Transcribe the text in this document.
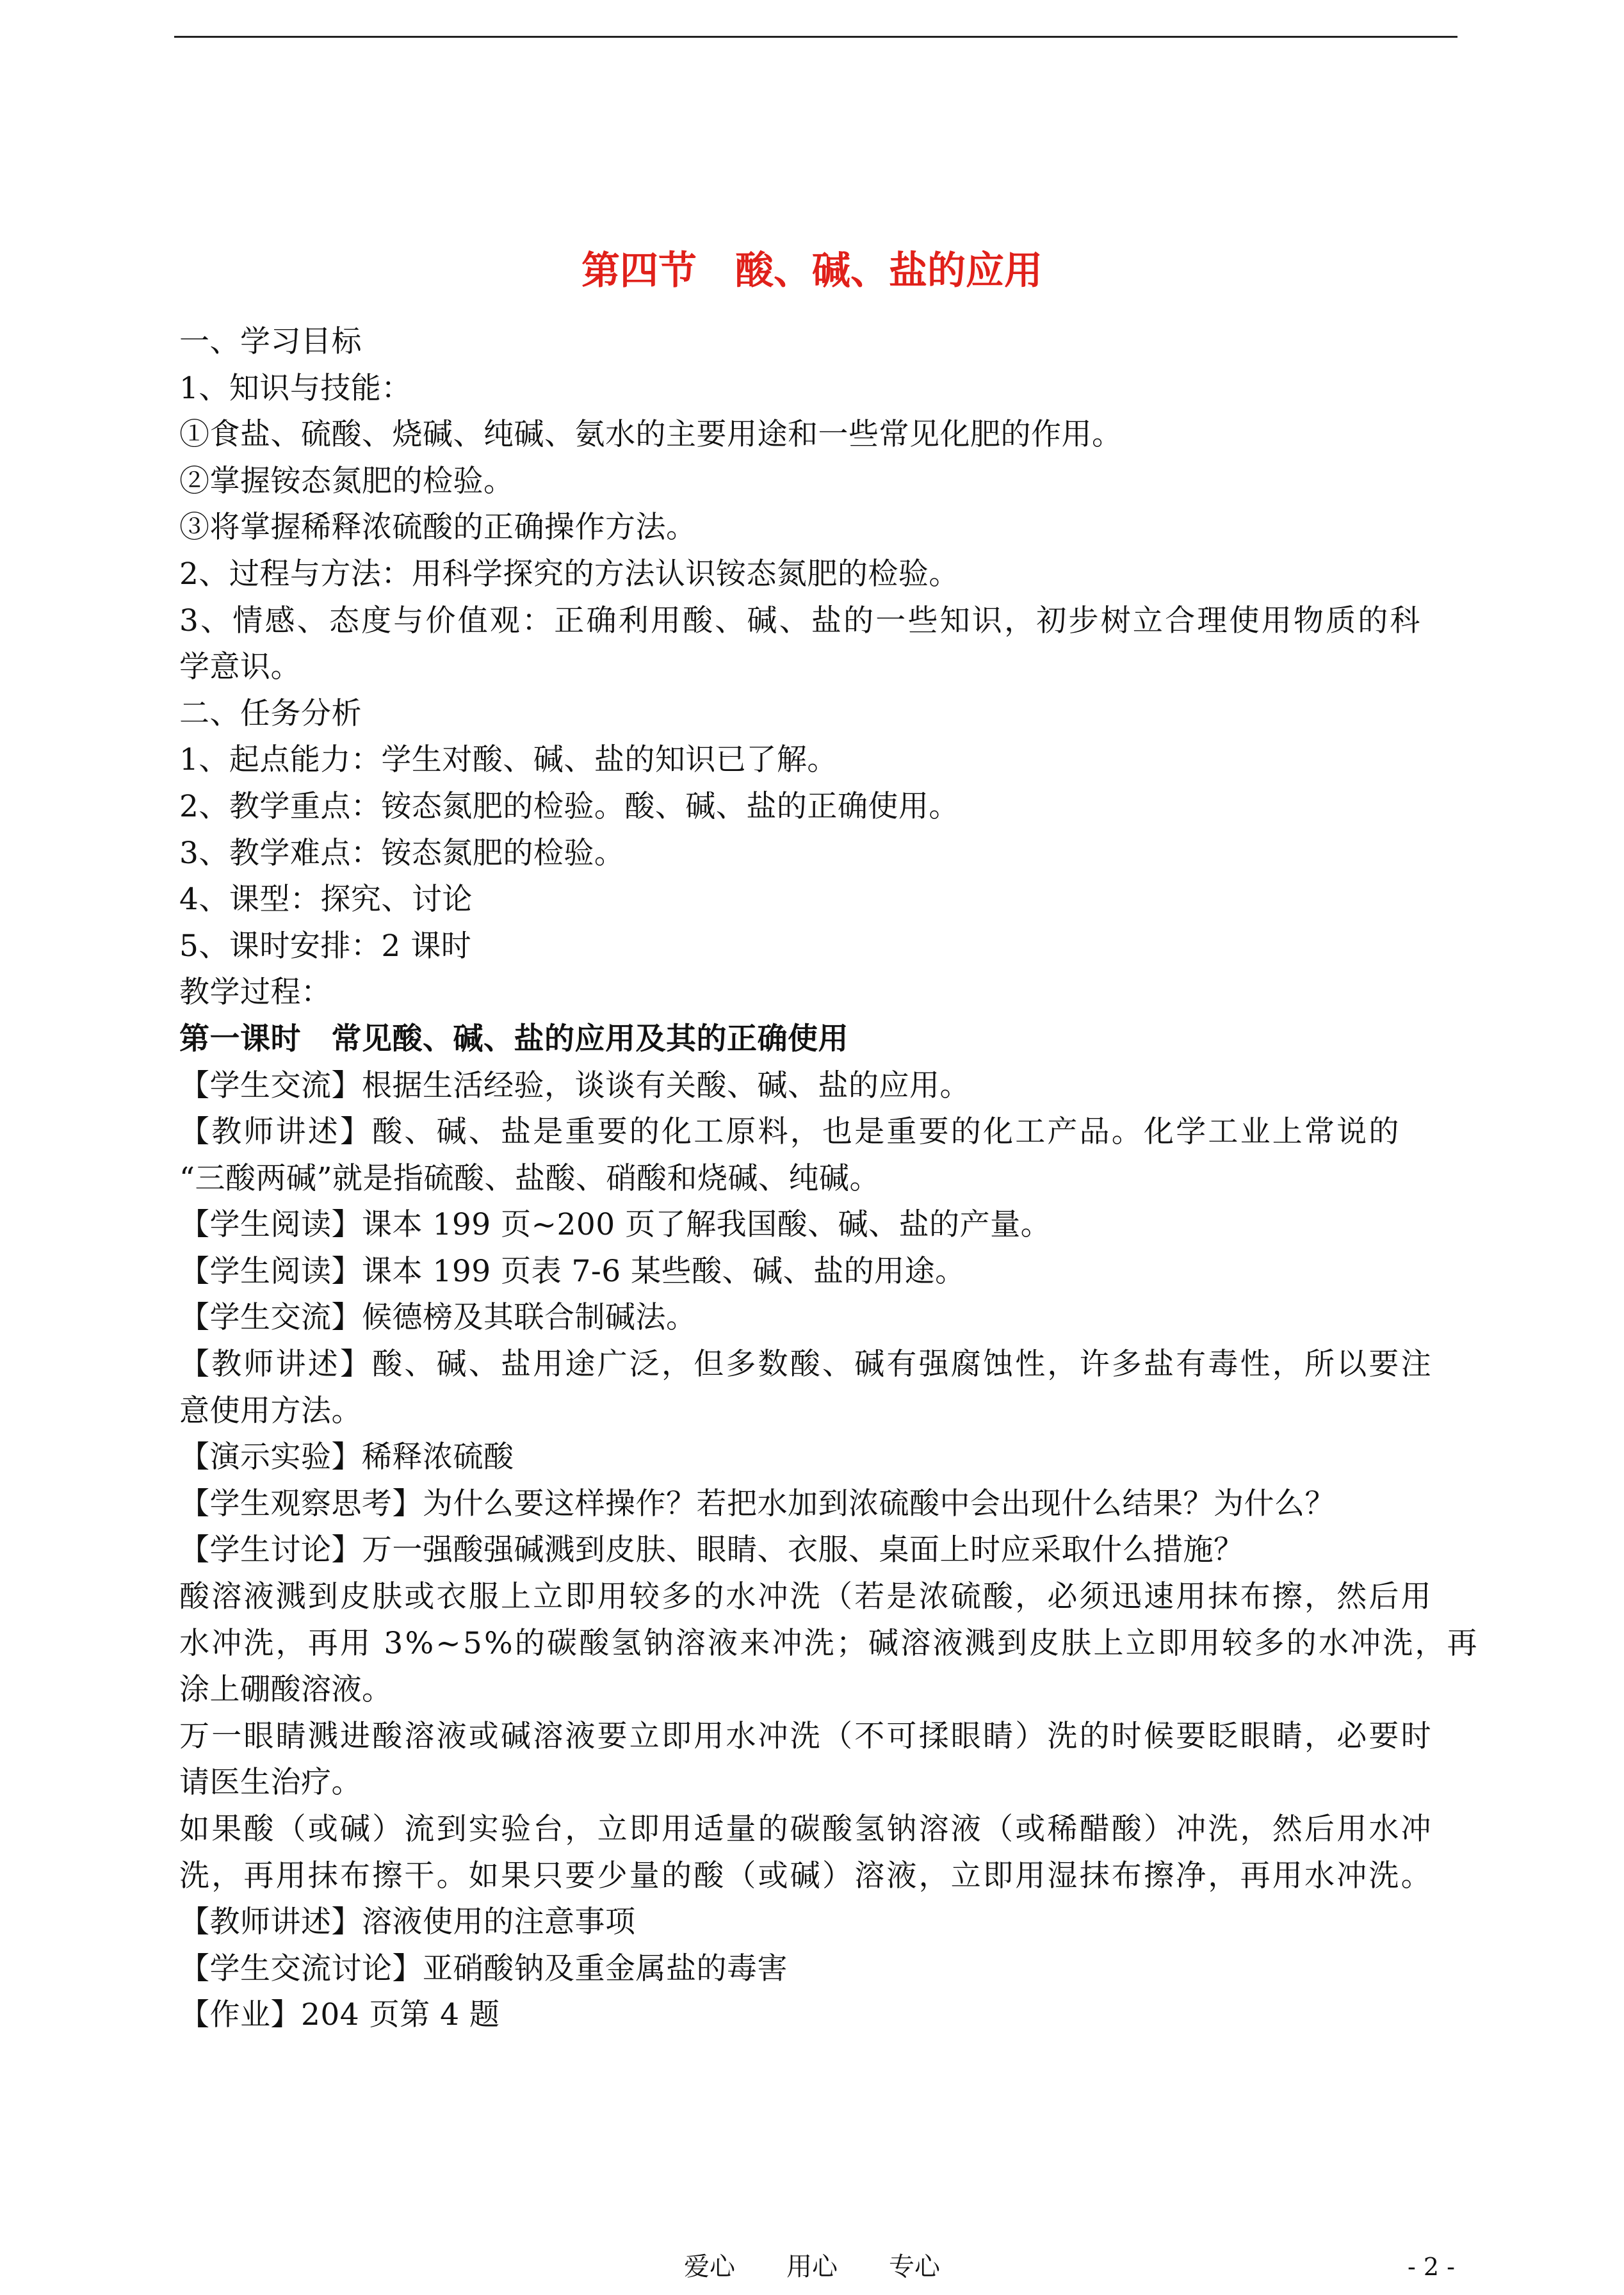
第四节　酸、碱、盐的应用
一、学习目标
1、知识与技能：
①食盐、硫酸、烧碱、纯碱、氨水的主要用途和一些常见化肥的作用。
②掌握铵态氮肥的检验。
③将掌握稀释浓硫酸的正确操作方法。
2、过程与方法：用科学探究的方法认识铵态氮肥的检验。
3、情感、态度与价值观：正确利用酸、碱、盐的一些知识，初步树立合理使用物质的科
学意识。
二、任务分析
1、起点能力：学生对酸、碱、盐的知识已了解。
2、教学重点：铵态氮肥的检验。酸、碱、盐的正确使用。
3、教学难点：铵态氮肥的检验。
4、课型：探究、讨论
5、课时安排：2 课时
教学过程：
第一课时　常见酸、碱、盐的应用及其的正确使用
【学生交流】根据生活经验，谈谈有关酸、碱、盐的应用。
【教师讲述】酸、碱、盐是重要的化工原料，也是重要的化工产品。化学工业上常说的
“三酸两碱”就是指硫酸、盐酸、硝酸和烧碱、纯碱。
【学生阅读】课本 199 页~200 页了解我国酸、碱、盐的产量。
【学生阅读】课本 199 页表 7-6 某些酸、碱、盐的用途。
【学生交流】候德榜及其联合制碱法。
【教师讲述】酸、碱、盐用途广泛，但多数酸、碱有强腐蚀性，许多盐有毒性，所以要注
意使用方法。
【演示实验】稀释浓硫酸
【学生观察思考】为什么要这样操作？若把水加到浓硫酸中会出现什么结果？为什么？
【学生讨论】万一强酸强碱溅到皮肤、眼睛、衣服、桌面上时应采取什么措施？
酸溶液溅到皮肤或衣服上立即用较多的水冲洗（若是浓硫酸，必须迅速用抹布擦，然后用
水冲洗，再用 3%~5%的碳酸氢钠溶液来冲洗；碱溶液溅到皮肤上立即用较多的水冲洗，再
涂上硼酸溶液。
万一眼睛溅进酸溶液或碱溶液要立即用水冲洗（不可揉眼睛）洗的时候要眨眼睛，必要时
请医生治疗。
如果酸（或碱）流到实验台，立即用适量的碳酸氢钠溶液（或稀醋酸）冲洗，然后用水冲
洗，再用抹布擦干。如果只要少量的酸（或碱）溶液，立即用湿抹布擦净，再用水冲洗。
【教师讲述】溶液使用的注意事项
【学生交流讨论】亚硝酸钠及重金属盐的毒害
【作业】204 页第 4 题
爱心　　用心　　专心	- 2 -
